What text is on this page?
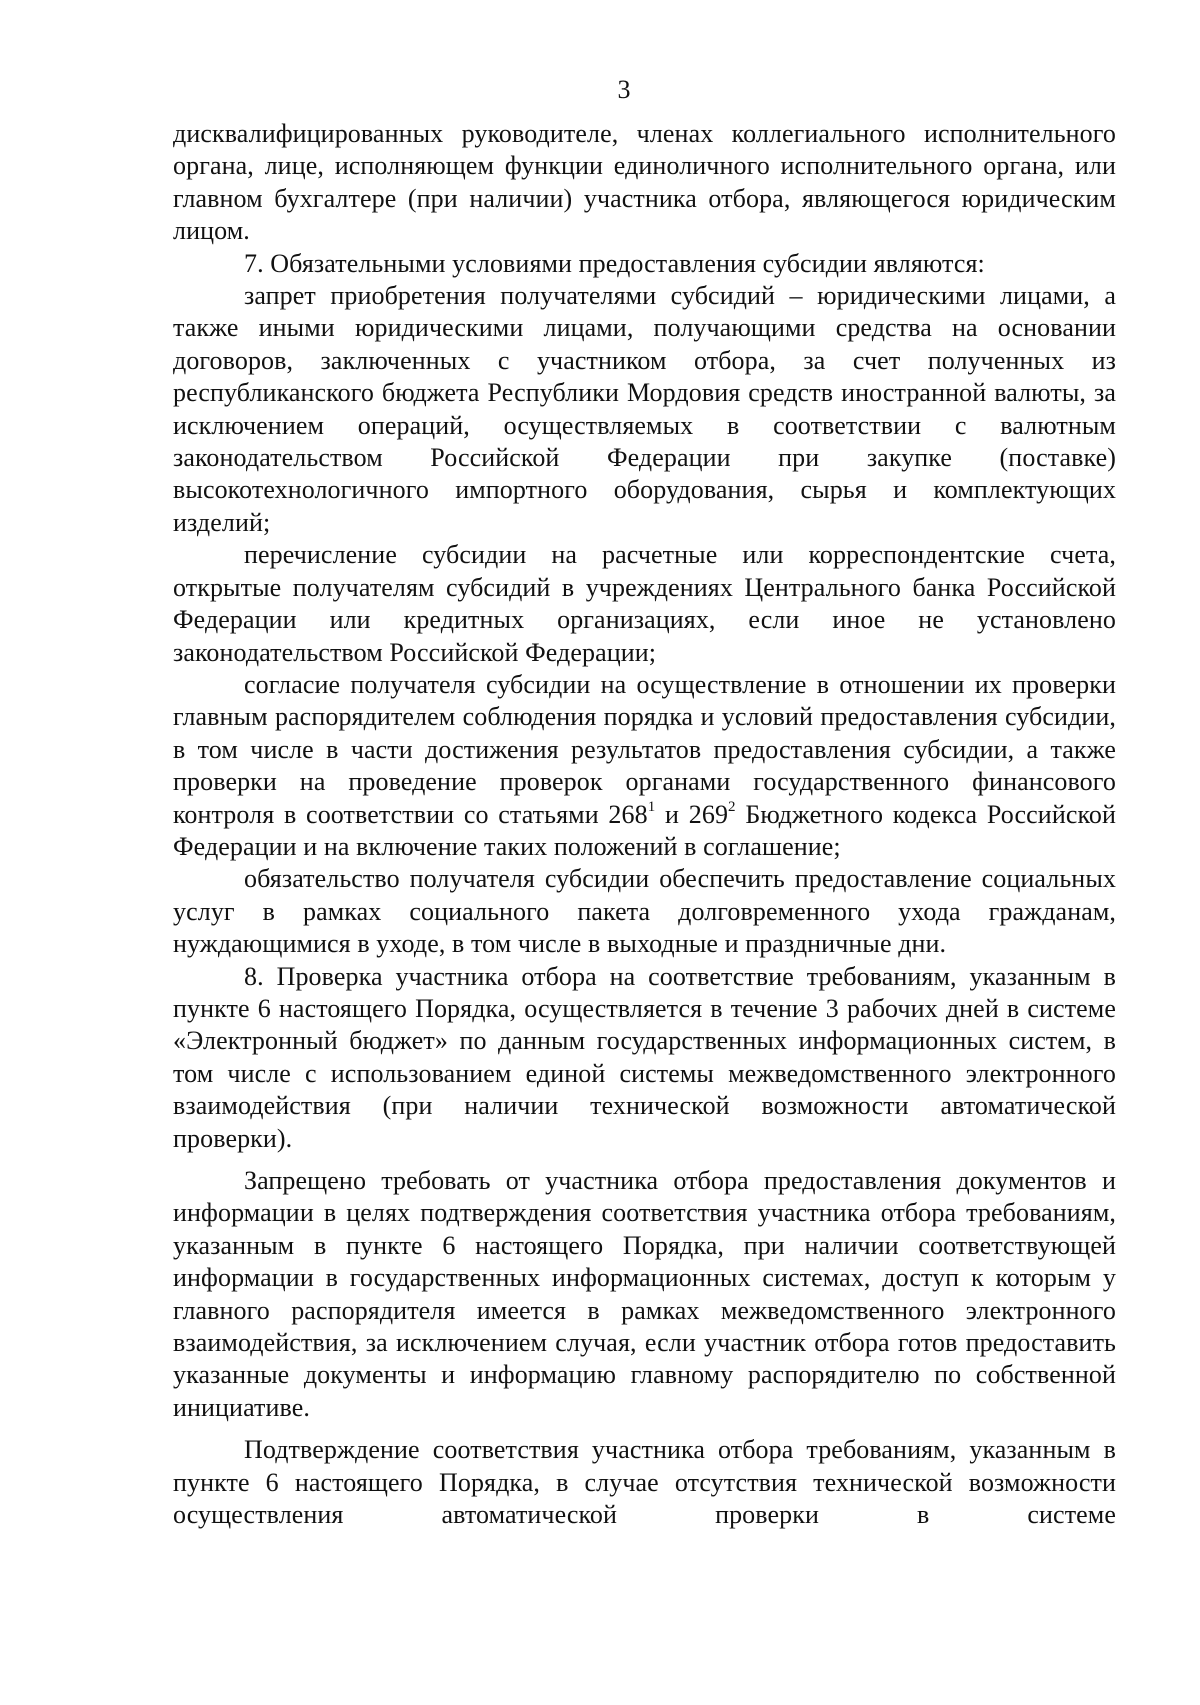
3

дисквалифицированных руководителе, членах коллегиального исполнительного органа, лице, исполняющем функции единоличного исполнительного органа, или главном бухгалтере (при наличии) участника отбора, являющегося юридическим лицом.

7. Обязательными условиями предоставления субсидии являются:

запрет приобретения получателями субсидий – юридическими лицами, а также иными юридическими лицами, получающими средства на основании договоров, заключенных с участником отбора, за счет полученных из республиканского бюджета Республики Мордовия средств иностранной валюты, за исключением операций, осуществляемых в соответствии с валютным законодательством Российской Федерации при закупке (поставке) высокотехнологичного импортного оборудования, сырья и комплектующих изделий;

перечисление субсидии на расчетные или корреспондентские счета, открытые получателям субсидий в учреждениях Центрального банка Российской Федерации или кредитных организациях, если иное не установлено законодательством Российской Федерации;

согласие получателя субсидии на осуществление в отношении их проверки главным распорядителем соблюдения порядка и условий предоставления субсидии, в том числе в части достижения результатов предоставления субсидии, а также проверки на проведение проверок органами государственного финансового контроля в соответствии со статьями $268^1$ и $269^2$ Бюджетного кодекса Российской Федерации и на включение таких положений в соглашение;

обязательство получателя субсидии обеспечить предоставление социальных услуг в рамках социального пакета долговременного ухода гражданам, нуждающимися в уходе, в том числе в выходные и праздничные дни.

8. Проверка участника отбора на соответствие требованиям, указанным в пункте 6 настоящего Порядка, осуществляется в течение 3 рабочих дней в системе «Электронный бюджет» по данным государственных информационных систем, в том числе с использованием единой системы межведомственного электронного взаимодействия (при наличии технической возможности автоматической проверки).

Запрещено требовать от участника отбора предоставления документов и информации в целях подтверждения соответствия участника отбора требованиям, указанным в пункте 6 настоящего Порядка, при наличии соответствующей информации в государственных информационных системах, доступ к которым у главного распорядителя имеется в рамках межведомственного электронного взаимодействия, за исключением случая, если участник отбора готов предоставить указанные документы и информацию главному распорядителю по собственной инициативе.

Подтверждение соответствия участника отбора требованиям, указанным в пункте 6 настоящего Порядка, в случае отсутствия технической возможности осуществления автоматической проверки в системе
